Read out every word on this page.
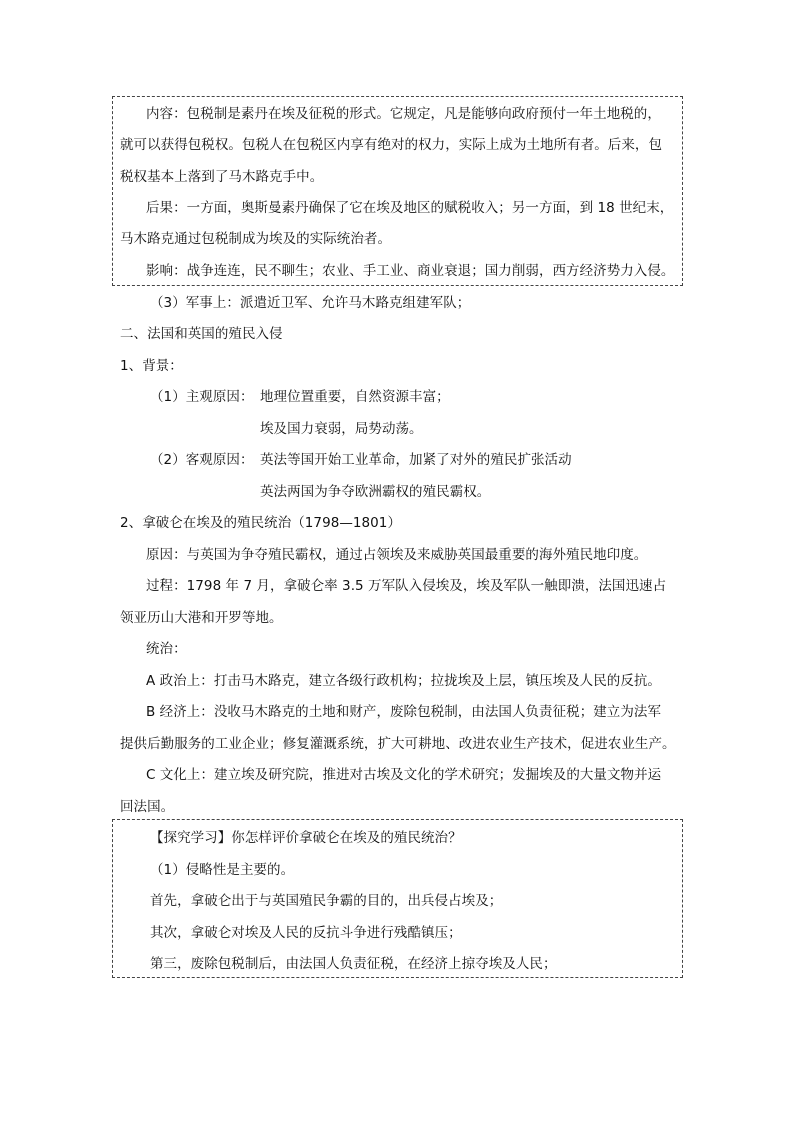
内容：包税制是素丹在埃及征税的形式。它规定，凡是能够向政府预付一年土地税的，
就可以获得包税权。包税人在包税区内享有绝对的权力，实际上成为土地所有者。后来，包
税权基本上落到了马木路克手中。
后果：一方面，奥斯曼素丹确保了它在埃及地区的赋税收入；另一方面，到 18 世纪末，
马木路克通过包税制成为埃及的实际统治者。
影响：战争连连，民不聊生；农业、手工业、商业衰退；国力削弱，西方经济势力入侵。
（3）军事上：派遣近卫军、允许马木路克组建军队；
二、法国和英国的殖民入侵
1、背景：
（1）主观原因： 地理位置重要，自然资源丰富；
埃及国力衰弱，局势动荡。
（2）客观原因： 英法等国开始工业革命，加紧了对外的殖民扩张活动
英法两国为争夺欧洲霸权的殖民霸权。
2、拿破仑在埃及的殖民统治（1798—1801）
原因：与英国为争夺殖民霸权，通过占领埃及来威胁英国最重要的海外殖民地印度。
过程：1798 年 7 月，拿破仑率 3.5 万军队入侵埃及，埃及军队一触即溃，法国迅速占
领亚历山大港和开罗等地。
统治：
A 政治上：打击马木路克，建立各级行政机构；拉拢埃及上层，镇压埃及人民的反抗。
B 经济上：没收马木路克的土地和财产，废除包税制，由法国人负责征税；建立为法军
提供后勤服务的工业企业；修复灌溉系统，扩大可耕地、改进农业生产技术，促进农业生产。
C 文化上：建立埃及研究院，推进对古埃及文化的学术研究；发掘埃及的大量文物并运
回法国。
【探究学习】你怎样评价拿破仑在埃及的殖民统治？
（1）侵略性是主要的。
首先，拿破仑出于与英国殖民争霸的目的，出兵侵占埃及；
其次，拿破仑对埃及人民的反抗斗争进行残酷镇压；
第三，废除包税制后，由法国人负责征税，在经济上掠夺埃及人民；
